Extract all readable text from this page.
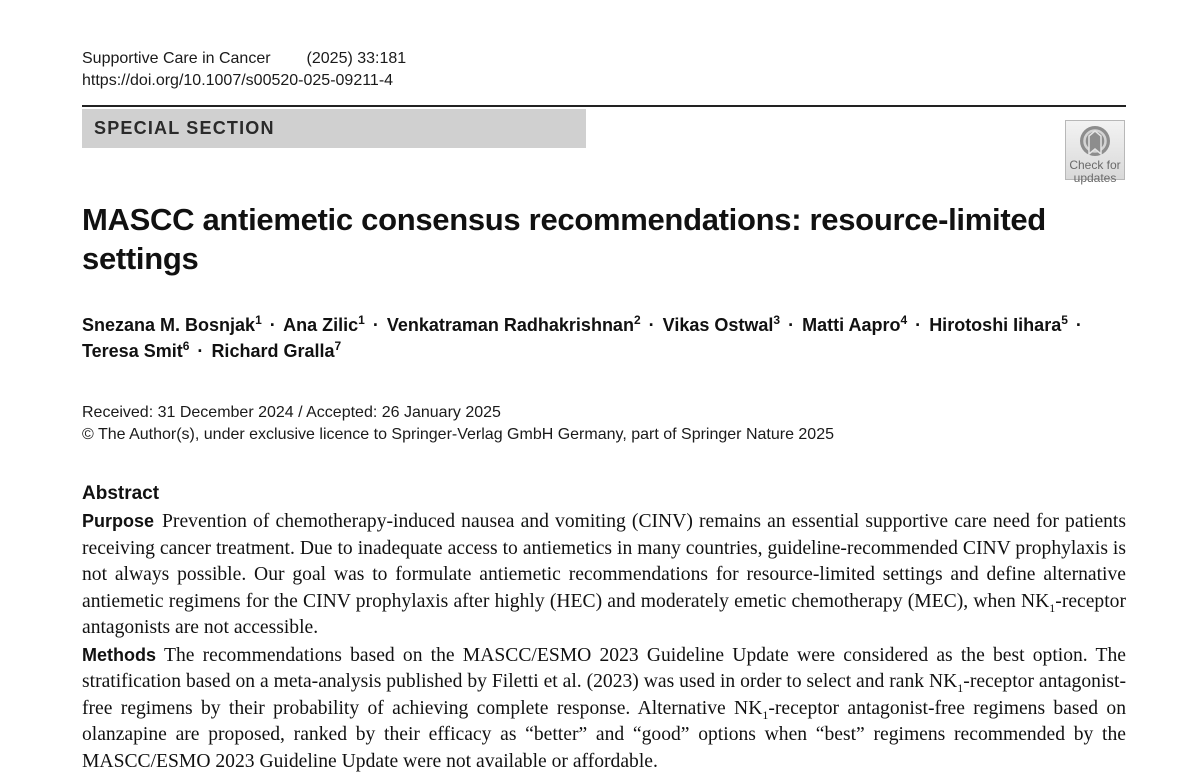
Supportive Care in Cancer (2025) 33:181
https://doi.org/10.1007/s00520-025-09211-4
SPECIAL SECTION
Check for
updates
MASCC antiemetic consensus recommendations: resource-limited
settings
Snezana M. Bosnjak$^1$ · Ana Zilic$^1$ · Venkatraman Radhakrishnan$^2$ · Vikas Ostwal$^3$ · Matti Aapro$^4$ · Hirotoshi Iihara$^5$ ·
Teresa Smit$^6$ · Richard Gralla$^7$
Received: 31 December 2024 / Accepted: 26 January 2025
© The Author(s), under exclusive licence to Springer-Verlag GmbH Germany, part of Springer Nature 2025
Abstract

Purpose Prevention of chemotherapy-induced nausea and vomiting (CINV) remains an essential supportive care need for patients receiving cancer treatment. Due to inadequate access to antiemetics in many countries, guideline-recommended CINV prophylaxis is not always possible. Our goal was to formulate antiemetic recommendations for resource-limited settings and define alternative antiemetic regimens for the CINV prophylaxis after highly (HEC) and moderately emetic chemotherapy (MEC), when $NK_1$-receptor antagonists are not accessible.

Methods The recommendations based on the MASCC/ESMO 2023 Guideline Update were considered as the best option. The stratification based on a meta-analysis published by Filetti et al. (2023) was used in order to select and rank $NK_1$-receptor antagonist-free regimens by their probability of achieving complete response. Alternative $NK_1$-receptor antagonist-free regimens based on olanzapine are proposed, ranked by their efficacy as “better” and “good” options when “best” regimens recommended by the MASCC/ESMO 2023 Guideline Update were not available or affordable.
